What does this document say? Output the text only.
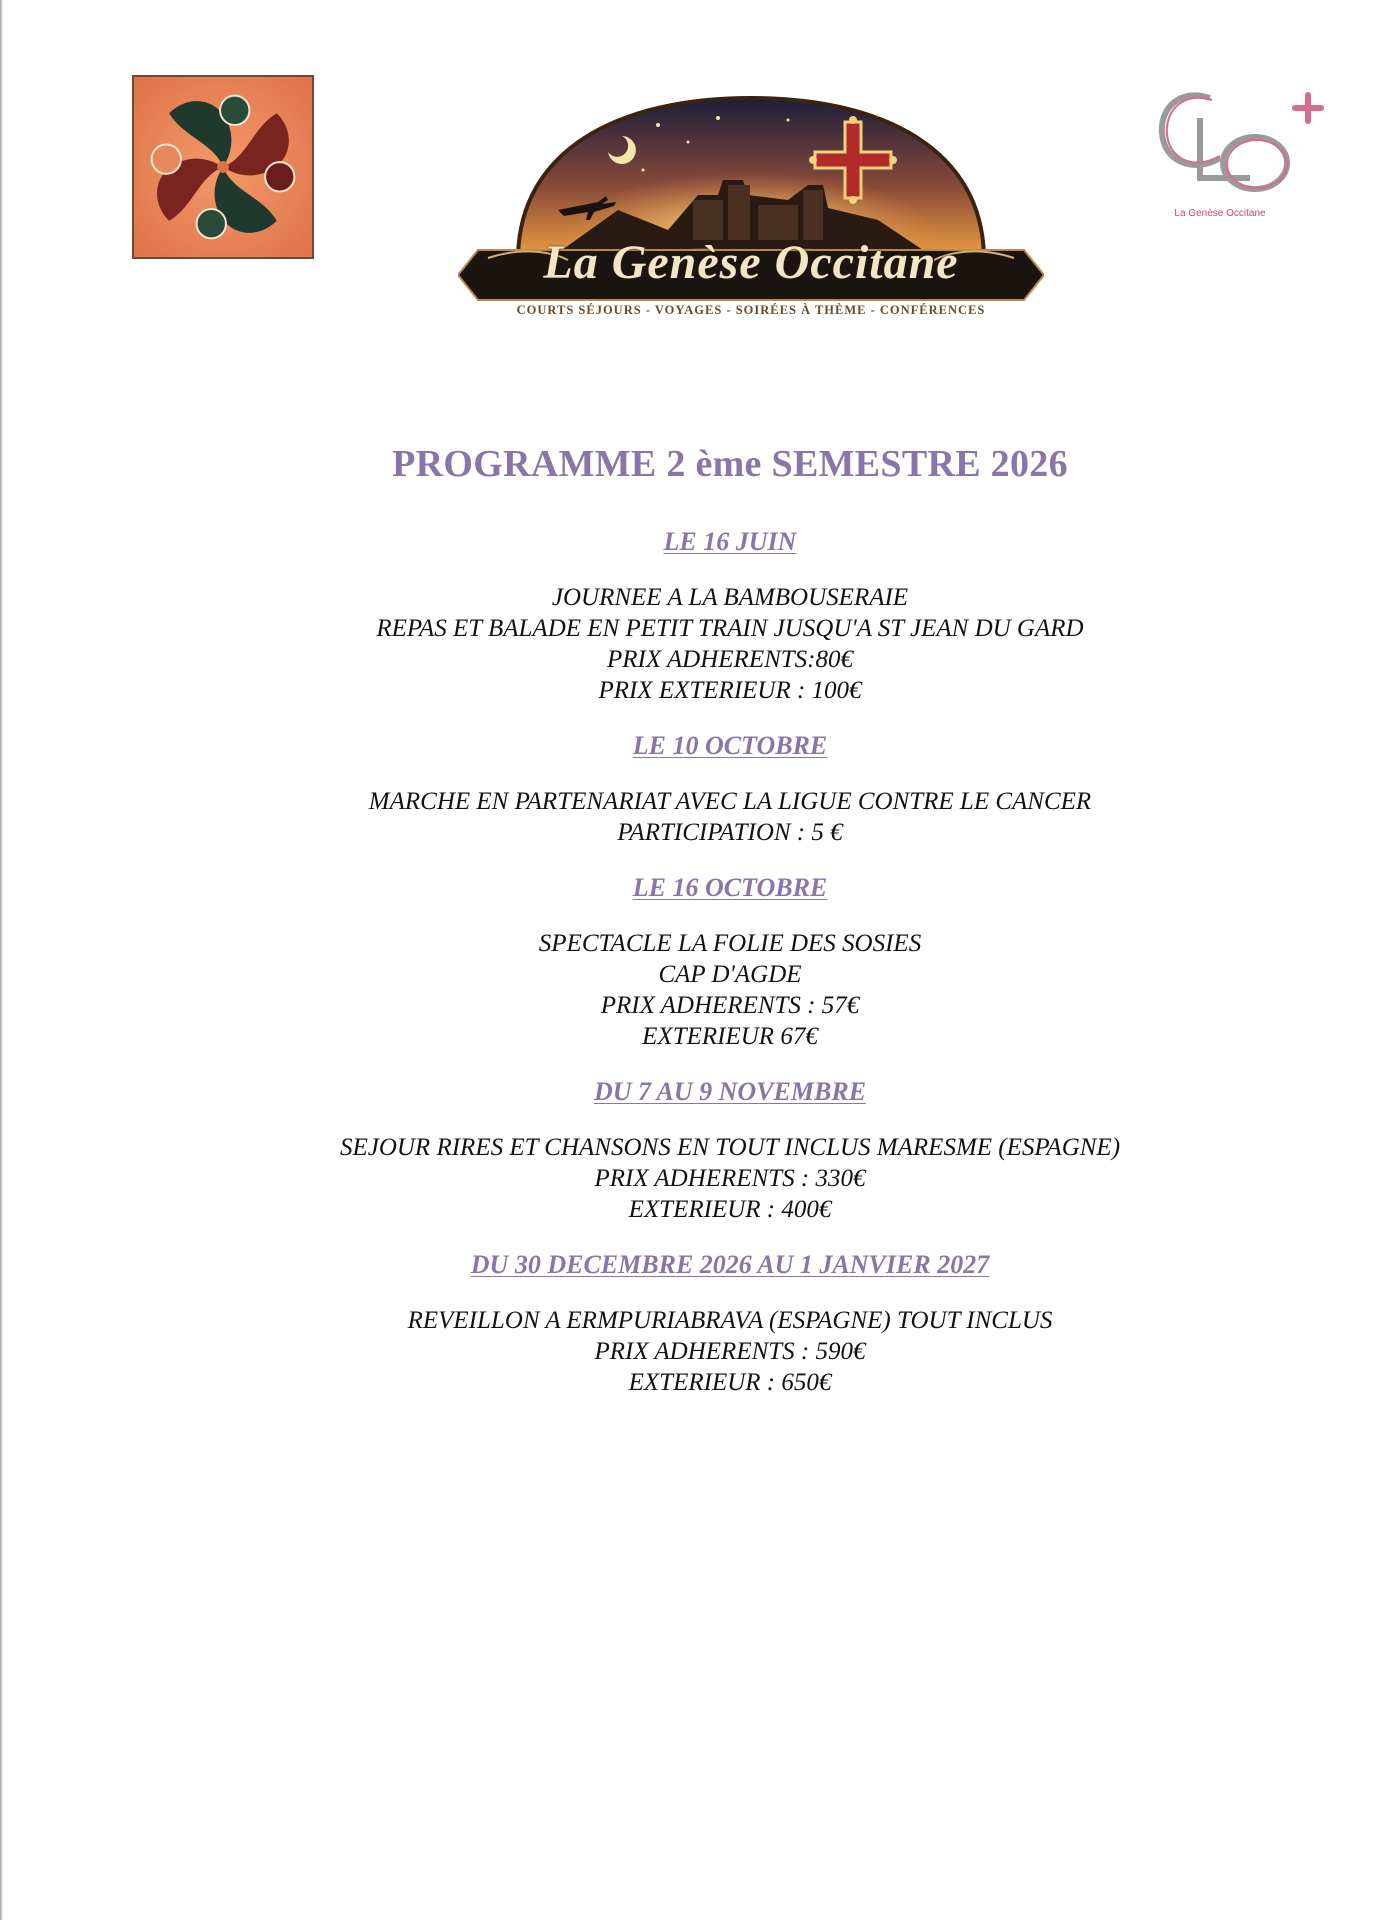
La Genèse Occitane
COURTS SÉJOURS - VOYAGES - SOIRÉES À THÈME - CONFÉRENCES
La Genèse Occitane
PROGRAMME 2 ème SEMESTRE 2026
LE 16 JUIN
JOURNEE A LA BAMBOUSERAIE
REPAS ET BALADE EN PETIT TRAIN JUSQU'A ST JEAN DU GARD
PRIX ADHERENTS:80€
PRIX EXTERIEUR : 100€
LE 10 OCTOBRE
MARCHE EN PARTENARIAT AVEC LA LIGUE CONTRE LE CANCER
PARTICIPATION : 5 €
LE 16 OCTOBRE
SPECTACLE LA FOLIE DES SOSIES
CAP D'AGDE
PRIX ADHERENTS : 57€
EXTERIEUR 67€
DU 7 AU 9 NOVEMBRE
SEJOUR RIRES ET CHANSONS EN TOUT INCLUS MARESME (ESPAGNE)
PRIX ADHERENTS : 330€
EXTERIEUR : 400€
DU 30 DECEMBRE 2026 AU 1 JANVIER 2027
REVEILLON A ERMPURIABRAVA (ESPAGNE) TOUT INCLUS
PRIX ADHERENTS : 590€
EXTERIEUR : 650€
